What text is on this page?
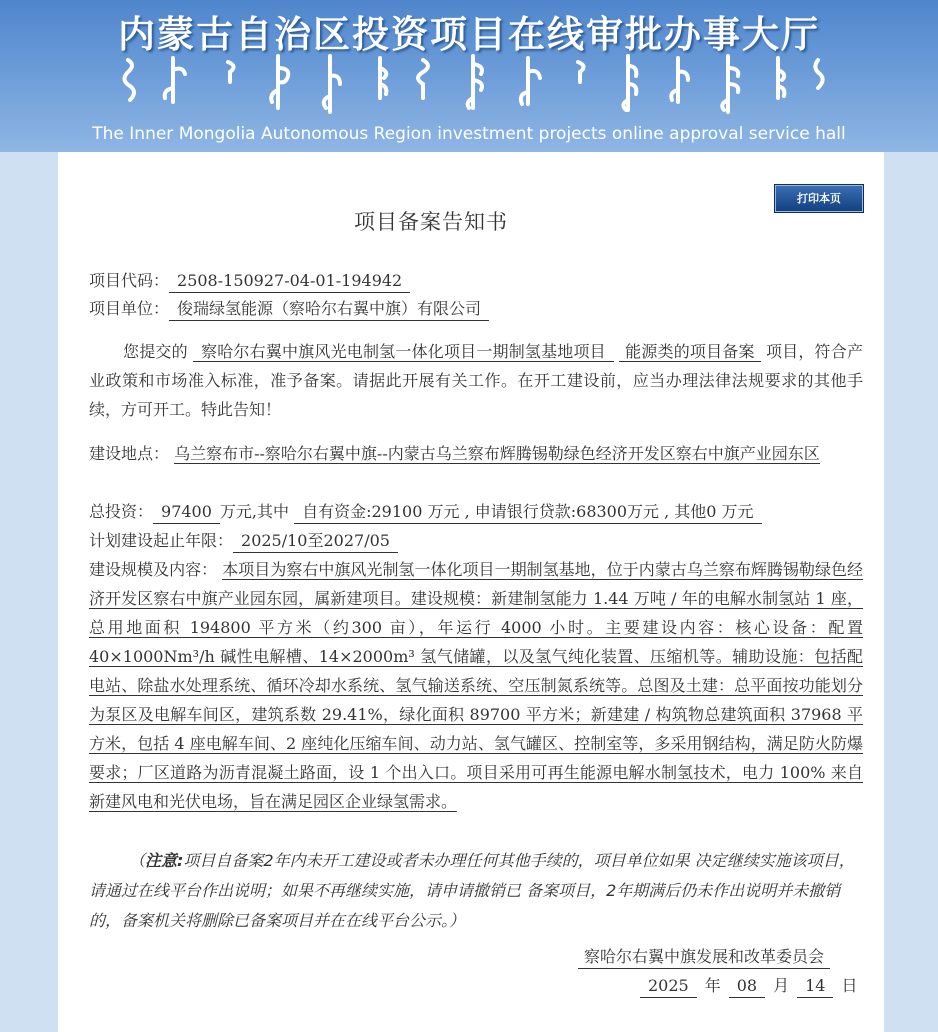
内蒙古自治区投资项目在线审批办事大厅
The Inner Mongolia Autonomous Region investment projects online approval service hall
打印本页
项目备案告知书
项目代码： 2508-150927-04-01-194942
项目单位： 俊瑞绿氢能源（察哈尔右翼中旗）有限公司
您提交的 察哈尔右翼中旗风光电制氢一体化项目一期制氢基地项目 能源类的项目备案 项目，符合产业政策和市场准入标准，准予备案。请据此开展有关工作。在开工建设前，应当办理法律法规要求的其他手续，方可开工。特此告知！
建设地点： 乌兰察布市--察哈尔右翼中旗--内蒙古乌兰察布辉腾锡勒绿色经济开发区察右中旗产业园东区
总投资： 97400 万元,其中 自有资金:29100 万元 , 申请银行贷款:68300万元 , 其他0 万元
计划建设起止年限： 2025/10至2027/05
建设规模及内容： 本项目为察右中旗风光制氢一体化项目一期制氢基地，位于内蒙古乌兰察布辉腾锡勒绿色经济开发区察右中旗产业园东园，属新建项目。建设规模：新建制氢能力 1.44 万吨 / 年的电解水制氢站 1 座，总用地面积 194800 平方米（约300 亩），年运行 4000 小时。主要建设内容：核心设备：配置 40×1000Nm³/h 碱性电解槽、14×2000m³ 氢气储罐，以及氢气纯化装置、压缩机等。辅助设施：包括配电站、除盐水处理系统、循环冷却水系统、氢气输送系统、空压制氮系统等。总图及土建：总平面按功能划分为泵区及电解车间区，建筑系数 29.41%，绿化面积 89700 平方米；新建建 / 构筑物总建筑面积 37968 平方米，包括 4 座电解车间、2 座纯化压缩车间、动力站、氢气罐区、控制室等，多采用钢结构，满足防火防爆要求；厂区道路为沥青混凝土路面，设 1 个出入口。项目采用可再生能源电解水制氢技术，电力 100% 来自新建风电和光伏电场，旨在满足园区企业绿氢需求。
（注意:项目自备案2年内未开工建设或者未办理任何其他手续的，项目单位如果 决定继续实施该项目，请通过在线平台作出说明；如果不再继续实施，请申请撤销已 备案项目，2年期满后仍未作出说明并未撤销的，备案机关将删除已备案项目并在在线平台公示。）
察哈尔右翼中旗发展和改革委员会
2025 年 08 月 14 日
